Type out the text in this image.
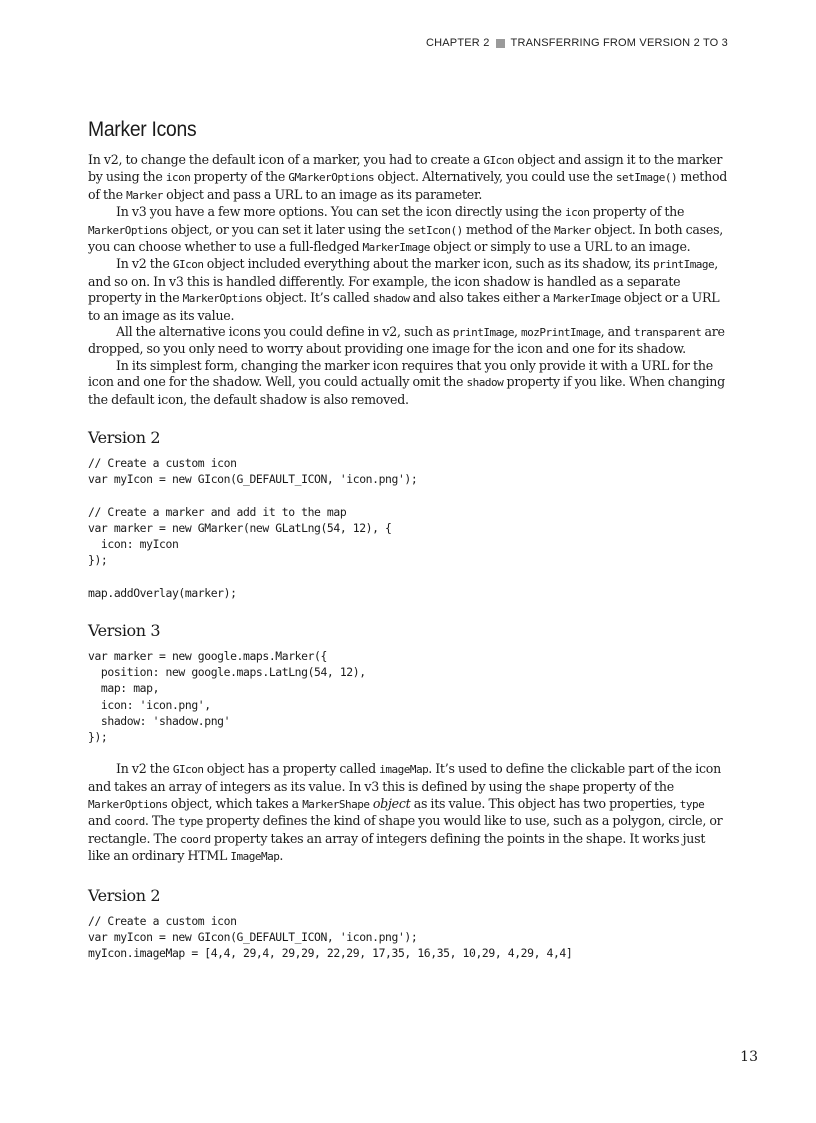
CHAPTER 2 TRANSFERRING FROM VERSION 2 TO 3
Marker Icons

In v2, to change the default icon of a marker, you had to create a GIcon object and assign it to the marker by using the icon property of the GMarkerOptions object. Alternatively, you could use the setImage() method of the Marker object and pass a URL to an image as its parameter.

In v3 you have a few more options. You can set the icon directly using the icon property of the MarkerOptions object, or you can set it later using the setIcon() method of the Marker object. In both cases, you can choose whether to use a full-fledged MarkerImage object or simply to use a URL to an image.

In v2 the GIcon object included everything about the marker icon, such as its shadow, its printImage, and so on. In v3 this is handled differently. For example, the icon shadow is handled as a separate property in the MarkerOptions object. It’s called shadow and also takes either a MarkerImage object or a URL to an image as its value.

All the alternative icons you could define in v2, such as printImage, mozPrintImage, and transparent are dropped, so you only need to worry about providing one image for the icon and one for its shadow.

In its simplest form, changing the marker icon requires that you only provide it with a URL for the icon and one for the shadow. Well, you could actually omit the shadow property if you like. When changing the default icon, the default shadow is also removed.

Version 2
// Create a custom icon
var myIcon = new GIcon(G_DEFAULT_ICON, 'icon.png');

// Create a marker and add it to the map
var marker = new GMarker(new GLatLng(54, 12), {
icon: myIcon
});

map.addOverlay(marker);
Version 3
var marker = new google.maps.Marker({
position: new google.maps.LatLng(54, 12),
map: map,
icon: 'icon.png',
shadow: 'shadow.png'
});

In v2 the GIcon object has a property called imageMap. It’s used to define the clickable part of the icon and takes an array of integers as its value. In v3 this is defined by using the shape property of the MarkerOptions object, which takes a MarkerShape object as its value. This object has two properties, type and coord. The type property defines the kind of shape you would like to use, such as a polygon, circle, or rectangle. The coord property takes an array of integers defining the points in the shape. It works just like an ordinary HTML ImageMap.

Version 2
// Create a custom icon
var myIcon = new GIcon(G_DEFAULT_ICON, 'icon.png');
myIcon.imageMap = [4,4, 29,4, 29,29, 22,29, 17,35, 16,35, 10,29, 4,29, 4,4]
13
